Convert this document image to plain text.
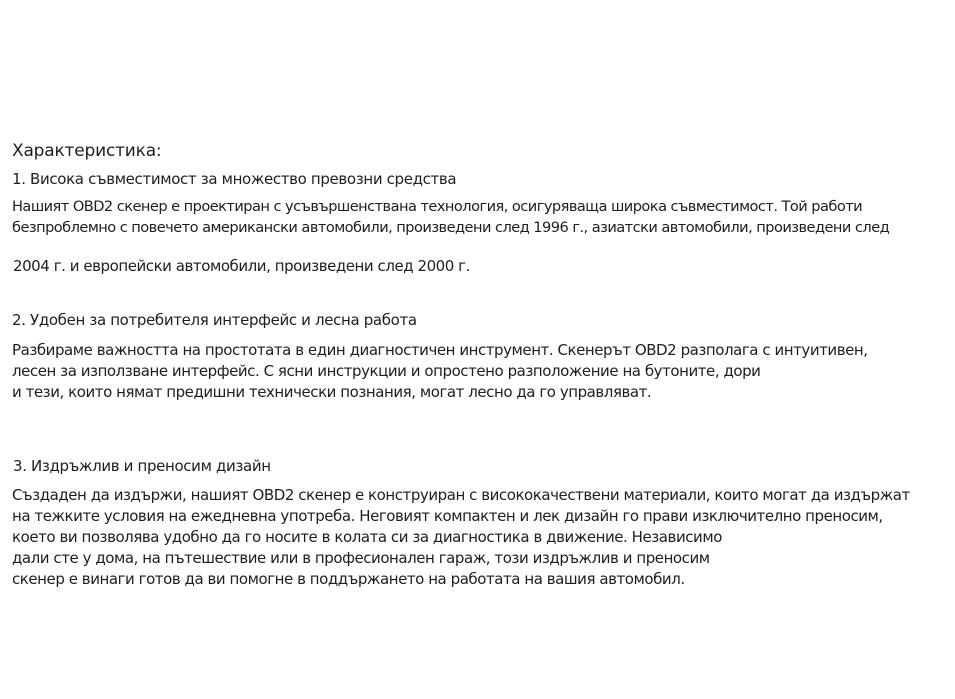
Характеристика:
1. Висока съвместимост за множество превозни средства
Нашият OBD2 скенер е проектиран с усъвършенствана технология, осигуряваща широка съвместимост. Той работи
безпроблемно с повечето американски автомобили, произведени след 1996 г., азиатски автомобили, произведени след
2004 г. и европейски автомобили, произведени след 2000 г.
2. Удобен за потребителя интерфейс и лесна работа
Разбираме важността на простотата в един диагностичен инструмент. Скенерът OBD2 разполага с интуитивен,
лесен за използване интерфейс. С ясни инструкции и опростено разположение на бутоните, дори
и тези, които нямат предишни технически познания, могат лесно да го управляват.
3. Издръжлив и преносим дизайн
Създаден да издържи, нашият OBD2 скенер е конструиран с висококачествени материали, които могат да издържат
на тежките условия на ежедневна употреба. Неговият компактен и лек дизайн го прави изключително преносим,
което ви позволява удобно да го носите в колата си за диагностика в движение. Независимо
дали сте у дома, на пътешествие или в професионален гараж, този издръжлив и преносим
скенер е винаги готов да ви помогне в поддържането на работата на вашия автомобил.
